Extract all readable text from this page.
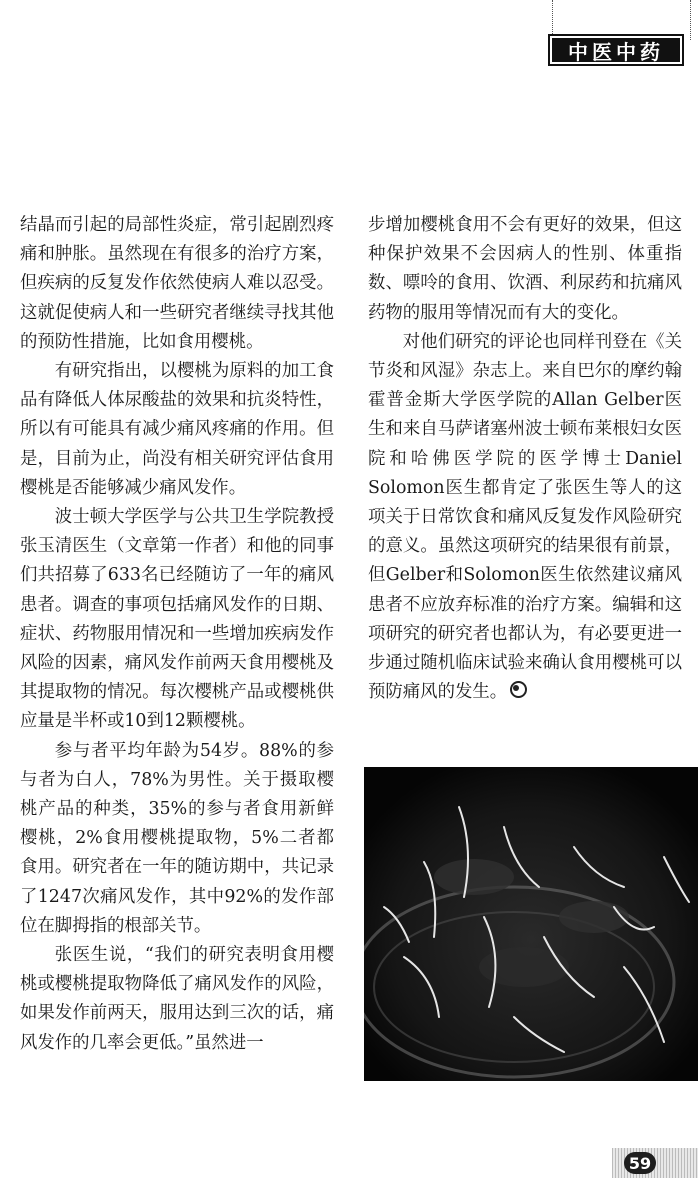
中医中药

结晶而引起的局部性炎症，常引起剧烈疼痛和肿胀。虽然现在有很多的治疗方案，但疾病的反复发作依然使病人难以忍受。这就促使病人和一些研究者继续寻找其他的预防性措施，比如食用樱桃。

有研究指出，以樱桃为原料的加工食品有降低人体尿酸盐的效果和抗炎特性，所以有可能具有减少痛风疼痛的作用。但是，目前为止，尚没有相关研究评估食用樱桃是否能够减少痛风发作。

波士顿大学医学与公共卫生学院教授张玉清医生（文章第一作者）和他的同事们共招募了633名已经随访了一年的痛风患者。调查的事项包括痛风发作的日期、症状、药物服用情况和一些增加疾病发作风险的因素，痛风发作前两天食用樱桃及其提取物的情况。每次樱桃产品或樱桃供应量是半杯或10到12颗樱桃。

参与者平均年龄为54岁。88%的参与者为白人，78%为男性。关于摄取樱桃产品的种类，35%的参与者食用新鲜樱桃，2%食用樱桃提取物，5%二者都食用。研究者在一年的随访期中，共记录了1247次痛风发作，其中92%的发作部位在脚拇指的根部关节。

张医生说，“我们的研究表明食用樱桃或樱桃提取物降低了痛风发作的风险，如果发作前两天，服用达到三次的话，痛风发作的几率会更低。”虽然进一

步增加樱桃食用不会有更好的效果，但这种保护效果不会因病人的性别、体重指数、嘌呤的食用、饮酒、利尿药和抗痛风药物的服用等情况而有大的变化。

对他们研究的评论也同样刊登在《关节炎和风湿》杂志上。来自巴尔的摩约翰霍普金斯大学医学院的Allan Gelber医生和来自马萨诸塞州波士顿布莱根妇女医院和哈佛医学院的医学博士Daniel Solomon医生都肯定了张医生等人的这项关于日常饮食和痛风反复发作风险研究的意义。虽然这项研究的结果很有前景，但Gelber和Solomon医生依然建议痛风患者不应放弃标准的治疗方案。编辑和这项研究的研究者也都认为，有必要更进一步通过随机临床试验来确认食用樱桃可以预防痛风的发生。

59
